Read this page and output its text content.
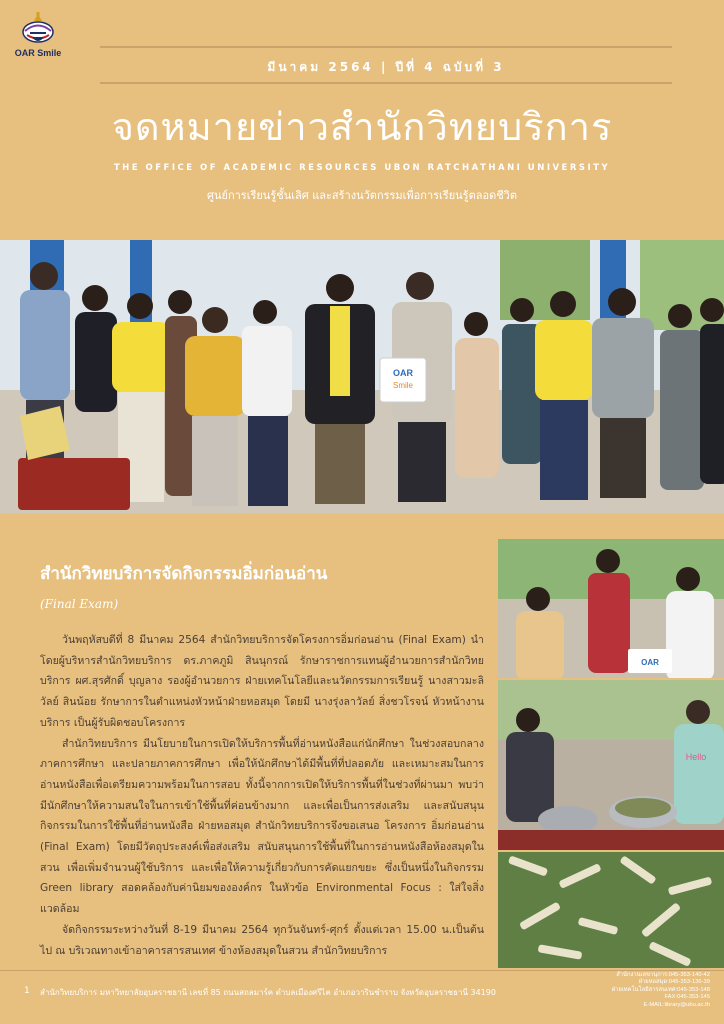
OAR Smile
มีนาคม 2564 | ปีที่ 4 ฉบับที่ 3
จดหมายข่าวสำนักวิทยบริการ
THE OFFICE OF ACADEMIC RESOURCES UBON RATCHATHANI UNIVERSITY
ศูนย์การเรียนรู้ชั้นเลิศ และสร้างนวัตกรรมเพื่อการเรียนรู้ตลอดชีวิต
OAR
Smile
สำนักวิทยบริการจัดกิจกรรมอิ่มก่อนอ่าน
(Final Exam)

วันพฤหัสบดีที่ 8 มีนาคม 2564 สำนักวิทยบริการจัดโครงการอิ่มก่อนอ่าน (Final Exam) นำโดยผู้บริหารสำนักวิทยบริการ ดร.ภาคภูมิ สินนุกรณ์ รักษาราชการแทนผู้อำนวยการสำนักวิทยบริการ ผศ.สุรศักดิ์ บุญลาง รองผู้อำนวยการ ฝ่ายเทคโนโลยีและนวัตกรรมการเรียนรู้ นางสาวมะลิวัลย์ สินน้อย รักษาการในตำแหน่งหัวหน้าฝ่ายหอสมุด โดยมี นางรุ่งลาวัลย์ สิ่งชวโรจน์ หัวหน้างานบริการ เป็นผู้รับผิดชอบโครงการ

สำนักวิทยบริการ มีนโยบายในการเปิดให้บริการพื้นที่อ่านหนังสือแก่นักศึกษา ในช่วงสอบกลางภาคการศึกษา และปลายภาคการศึกษา เพื่อให้นักศึกษาได้มีพื้นที่ที่ปลอดภัย และเหมาะสมในการอ่านหนังสือเพื่อเตรียมความพร้อมในการสอบ ทั้งนี้จากการเปิดให้บริการพื้นที่ในช่วงที่ผ่านมา พบว่ามีนักศึกษาให้ความสนใจในการเข้าใช้พื้นที่ค่อนข้างมาก และเพื่อเป็นการส่งเสริม และสนับสนุนกิจกรรมในการใช้พื้นที่อ่านหนังสือ ฝ่ายหอสมุด สำนักวิทยบริการจึงขอเสนอ โครงการ อิ่มก่อนอ่าน (Final Exam) โดยมีวัตถุประสงค์เพื่อส่งเสริม สนับสนุนการใช้พื้นที่ในการอ่านหนังสือห้องสมุดในสวน เพื่อเพิ่มจำนวนผู้ใช้บริการ และเพื่อให้ความรู้เกี่ยวกับการคัดแยกขยะ ซึ่งเป็นหนึ่งในกิจกรรม Green library สอดคล้องกับค่านิยมขององค์กร ในหัวข้อ Environmental Focus : ใส่ใจสิ่งแวดล้อม

จัดกิจกรรมระหว่างวันที่ 8-19 มีนาคม 2564 ทุกวันจันทร์-ศุกร์ ตั้งแต่เวลา 15.00 น.เป็นต้นไป ณ บริเวณทางเข้าอาคารสารสนเทศ ข้างห้องสมุดในสวน สำนักวิทยบริการ

OAR
Hello
1 สำนักวิทยบริการ มหาวิทยาลัยอุบลราชธานี เลขที่ 85 ถนนสถลมาร์ค ตำบลเมืองศรีไค อำเภอวารินชำราบ จังหวัดอุบลราชธานี 34190
สำนักงานเลขานุการ:045-353-140-42
ฝ่ายหอสมุด:045-353-136-39
ฝ่ายเทคโนโลยีสารสนเทศ:045-353-148
FAX:045-353-145
E-MAIL:library@ubu.ac.th
